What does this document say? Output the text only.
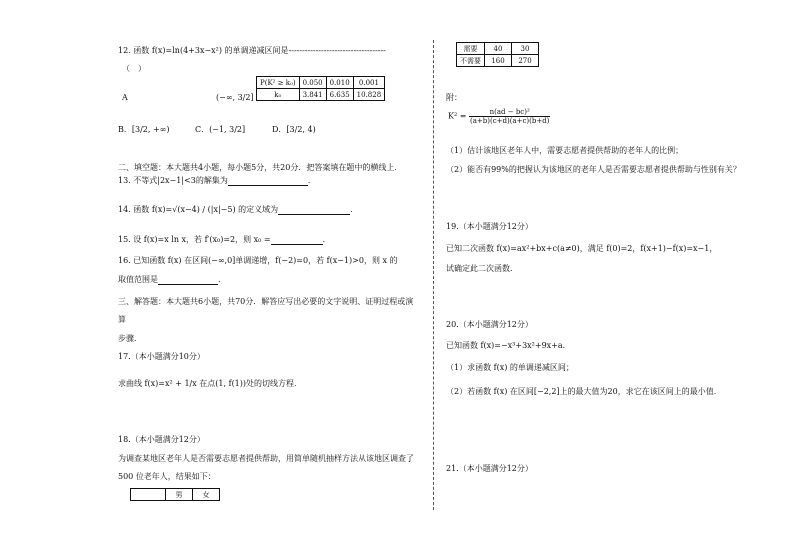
12. 函数 f(x)=ln(4+3x−x²) 的单调递减区间是------------------------------------
（　）
P(K² ≥ k₀)	0.050	0.010	0.001
k₀	3.841	6.635	10.828
A	(−∞, 3/2]
B．[3/2, +∞)	C．(−1, 3/2]	D．[3/2, 4)
二、填空题：本大题共4小题，每小题5分，共20分．把答案填在题中的横线上．
13. 不等式|2x−1|<3的解集为	．
14. 函数 f(x)=√(x−4) / (|x|−5) 的定义域为	．
15. 设 f(x)=x ln x，若 f′(x₀)=2，则 x₀ =	．
16. 已知函数 f(x) 在区间(−∞,0]单调递增，f(−2)=0，若 f(x−1)>0，则 x 的
取值范围是	．
三、解答题：本大题共6小题，共70分．解答应写出必要的文字说明、证明过程或演
算
步骤．
17.（本小题满分10分）
求曲线 f(x)=x² + 1/x 在点(1, f(1))处的切线方程．
18.（本小题满分12分）
为调查某地区老年人是否需要志愿者提供帮助，用简单随机抽样方法从该地区调查了
500 位老年人，结果如下：
	男	女
需要	40	30
不需要	160	270
附：
$K^2 = \frac{\text{n(ad − bc)²}}{(a+b)(c+d)(a+c)(b+d)}$
（1）估计该地区老年人中，需要志愿者提供帮助的老年人的比例；
（2）能否有99%的把握认为该地区的老年人是否需要志愿者提供帮助与性别有关？
19.（本小题满分12分）
已知二次函数 f(x)=ax²+bx+c(a≠0)，满足 f(0)=2，f(x+1)−f(x)=x−1，
试确定此二次函数．
20.（本小题满分12分）
已知函数 f(x)=−x³+3x²+9x+a．
（1）求函数 f(x) 的单调递减区间；
（2）若函数 f(x) 在区间[−2,2]上的最大值为20，求它在该区间上的最小值．
21.（本小题满分12分）
